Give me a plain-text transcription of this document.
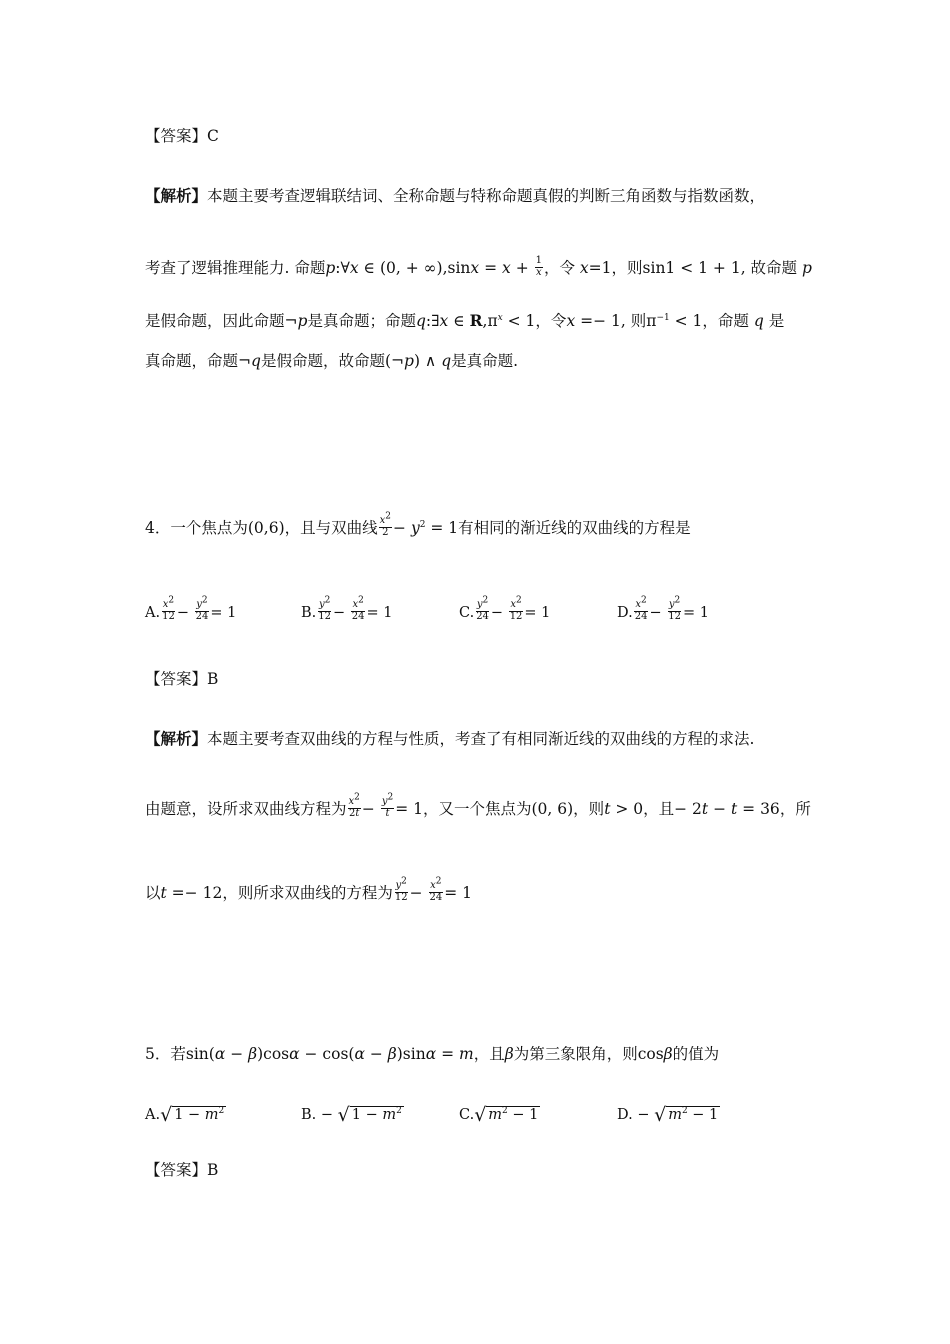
【答案】C
【解析】本题主要考查逻辑联结词、全称命题与特称命题真假的判断三角函数与指数函数，
考查了逻辑推理能力. 命题p:∀x ∈ (0, + $\infty),\sin x = x + \frac{1}{x}$ ，令 x=1，则sin1 < 1 + 1, 故命题 p
是假命题，因此命题¬p是真命题；命题q:∃x ∈ $R,\pi^x < 1$，令x =− 1, 则$\pi^{-1} < 1$，命题 q 是
真命题，命题¬q是假命题，故命题(¬p) ∧ q是真命题.
4．一个焦点为(0,6)，且与双曲线 $\frac{x^2}{2} - y^2 = 1$有相同的渐近线的双曲线的方程是
A. $\frac{x^2}{12} - \frac{y^2}{24} = 1$	B. $\frac{y^2}{12} - \frac{x^2}{24} = 1$	C. $\frac{y^2}{24} - \frac{x^2}{12} = 1$	D. $\frac{x^2}{24} - \frac{y^2}{12} = 1$
【答案】B
【解析】本题主要考查双曲线的方程与性质，考查了有相同渐近线的双曲线的方程的求法.
由题意，设所求双曲线方程为 $\frac{x^2}{2t} - \frac{y^2}{t} = 1$，又一个焦点为(0, 6)，则t > 0，且− 2t − t = 36，所
以t =− 12，则所求双曲线的方程为 $\frac{y^2}{12} - \frac{x^2}{24} = 1$
5．若sin(α − β)cosα − cos(α − β)sinα = m，且β为第三象限角，则cosβ的值为
A.√ $1 - m^2$	B. − √ $1 - m^2$	C.√ $m^2 - 1$	D. − √ $m^2 - 1$
【答案】B
